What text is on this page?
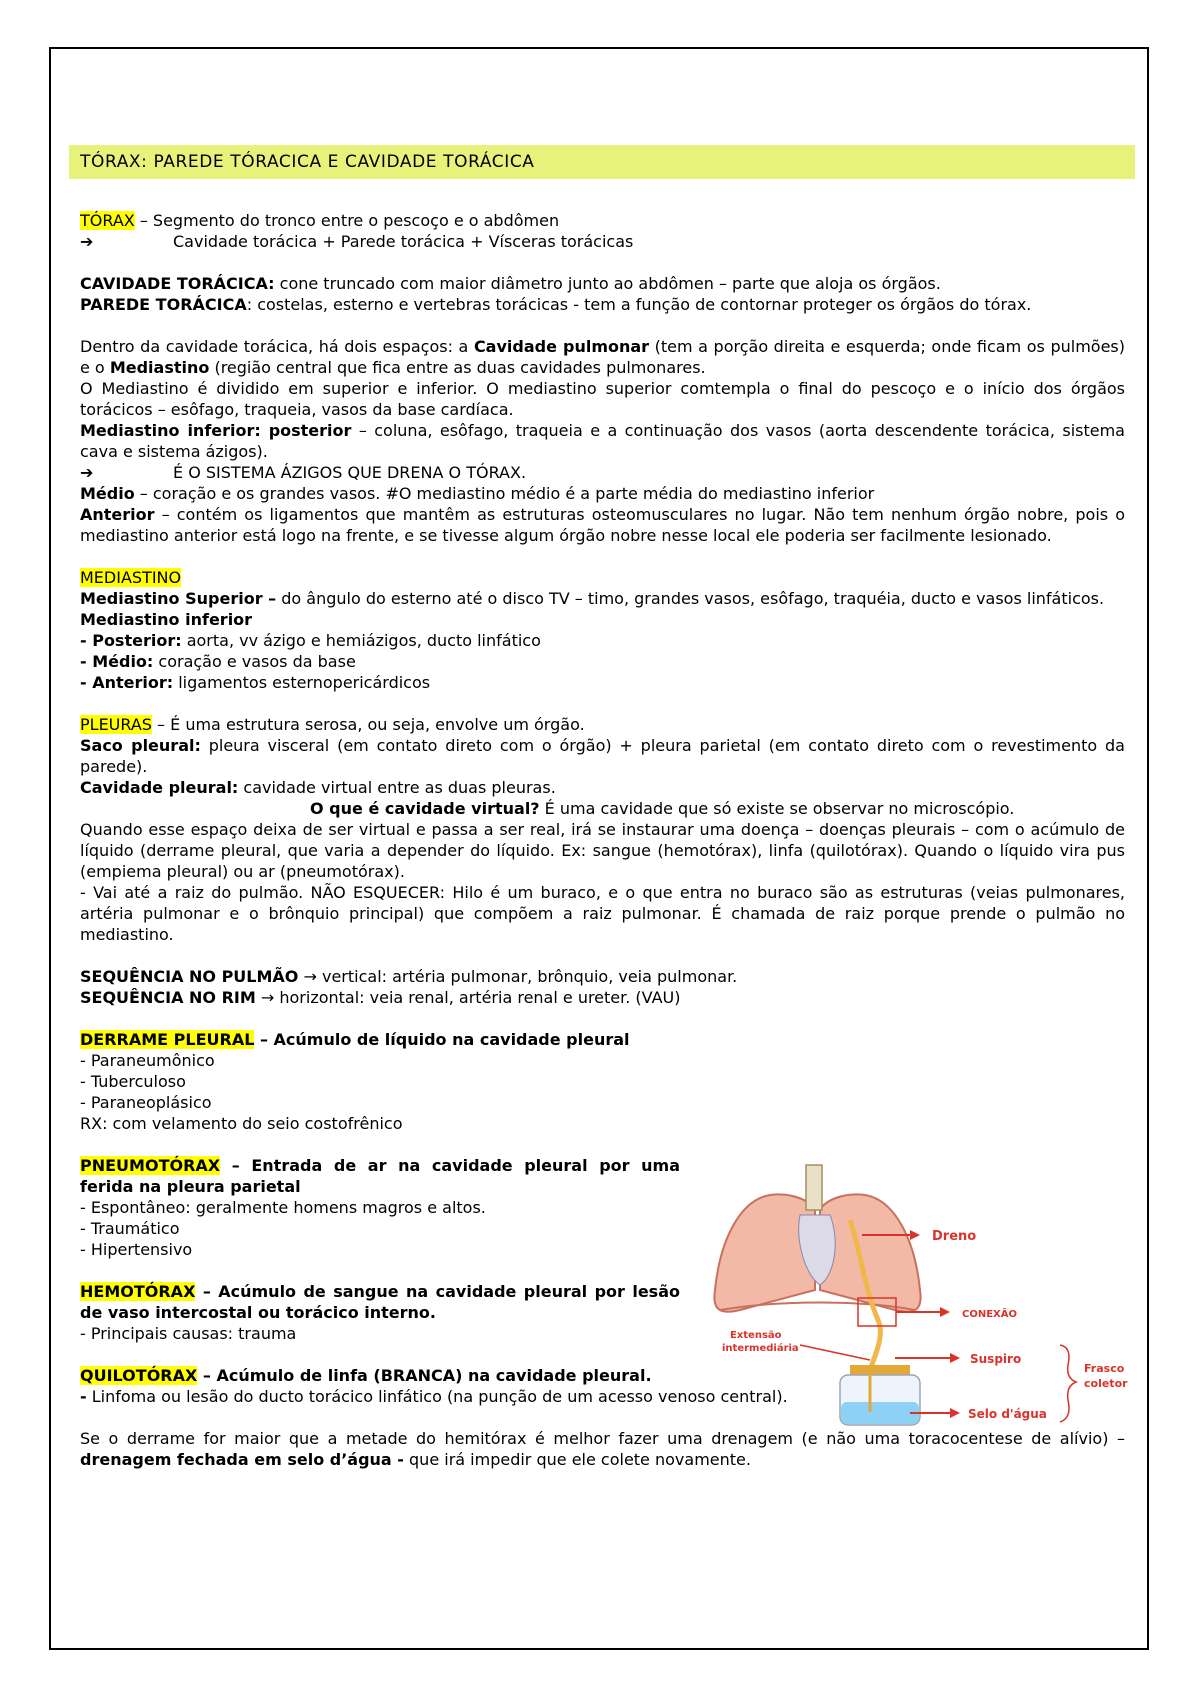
TÓRAX: PAREDE TÓRACICA E CAVIDADE TORÁCICA

TÓRAX – Segmento do tronco entre o pescoço e o abdômen

➔	Cavidade torácica + Parede torácica + Vísceras torácicas

CAVIDADE TORÁCICA: cone truncado com maior diâmetro junto ao abdômen – parte que aloja os órgãos.

PAREDE TORÁCICA: costelas, esterno e vertebras torácicas - tem a função de contornar proteger os órgãos do tórax.

Dentro da cavidade torácica, há dois espaços: a Cavidade pulmonar (tem a porção direita e esquerda; onde ficam os pulmões) e o Mediastino (região central que fica entre as duas cavidades pulmonares.

O Mediastino é dividido em superior e inferior. O mediastino superior comtempla o final do pescoço e o início dos órgãos torácicos – esôfago, traqueia, vasos da base cardíaca.

Mediastino inferior: posterior – coluna, esôfago, traqueia e a continuação dos vasos (aorta descendente torácica, sistema cava e sistema ázigos).

➔	É O SISTEMA ÁZIGOS QUE DRENA O TÓRAX.

Médio – coração e os grandes vasos. #O mediastino médio é a parte média do mediastino inferior

Anterior – contém os ligamentos que mantêm as estruturas osteomusculares no lugar. Não tem nenhum órgão nobre, pois o mediastino anterior está logo na frente, e se tivesse algum órgão nobre nesse local ele poderia ser facilmente lesionado.

MEDIASTINO

Mediastino Superior – do ângulo do esterno até o disco TV – timo, grandes vasos, esôfago, traquéia, ducto e vasos linfáticos.

Mediastino inferior

- Posterior: aorta, vv ázigo e hemiázigos, ducto linfático

- Médio: coração e vasos da base

- Anterior: ligamentos esternopericárdicos

PLEURAS – É uma estrutura serosa, ou seja, envolve um órgão.

Saco pleural: pleura visceral (em contato direto com o órgão) + pleura parietal (em contato direto com o revestimento da parede).

Cavidade pleural: cavidade virtual entre as duas pleuras.

O que é cavidade virtual? É uma cavidade que só existe se observar no microscópio.

Quando esse espaço deixa de ser virtual e passa a ser real, irá se instaurar uma doença – doenças pleurais – com o acúmulo de líquido (derrame pleural, que varia a depender do líquido. Ex: sangue (hemotórax), linfa (quilotórax). Quando o líquido vira pus (empiema pleural) ou ar (pneumotórax).

- Vai até a raiz do pulmão. NÃO ESQUECER: Hilo é um buraco, e o que entra no buraco são as estruturas (veias pulmonares, artéria pulmonar e o brônquio principal) que compõem a raiz pulmonar. É chamada de raiz porque prende o pulmão no mediastino.

SEQUÊNCIA NO PULMÃO → vertical: artéria pulmonar, brônquio, veia pulmonar.

SEQUÊNCIA NO RIM → horizontal: veia renal, artéria renal e ureter. (VAU)

DERRAME PLEURAL – Acúmulo de líquido na cavidade pleural

- Paraneumônico

- Tuberculoso

- Paraneoplásico

RX: com velamento do seio costofrênico

PNEUMOTÓRAX – Entrada de ar na cavidade pleural por uma ferida na pleura parietal

- Espontâneo: geralmente homens magros e altos.

- Traumático

- Hipertensivo

HEMOTÓRAX – Acúmulo de sangue na cavidade pleural por lesão de vaso intercostal ou torácico interno.

- Principais causas: trauma

QUILOTÓRAX – Acúmulo de linfa (BRANCA) na cavidade pleural.

- Linfoma ou lesão do ducto torácico linfático (na punção de um acesso venoso central).

Se o derrame for maior que a metade do hemitórax é melhor fazer uma drenagem (e não uma toracocentese de alívio) – drenagem fechada em selo d’água - que irá impedir que ele colete novamente.

Dreno
CONEXÃO
Extensão
intermediária
Suspiro
Frasco
coletor
Selo d'água
